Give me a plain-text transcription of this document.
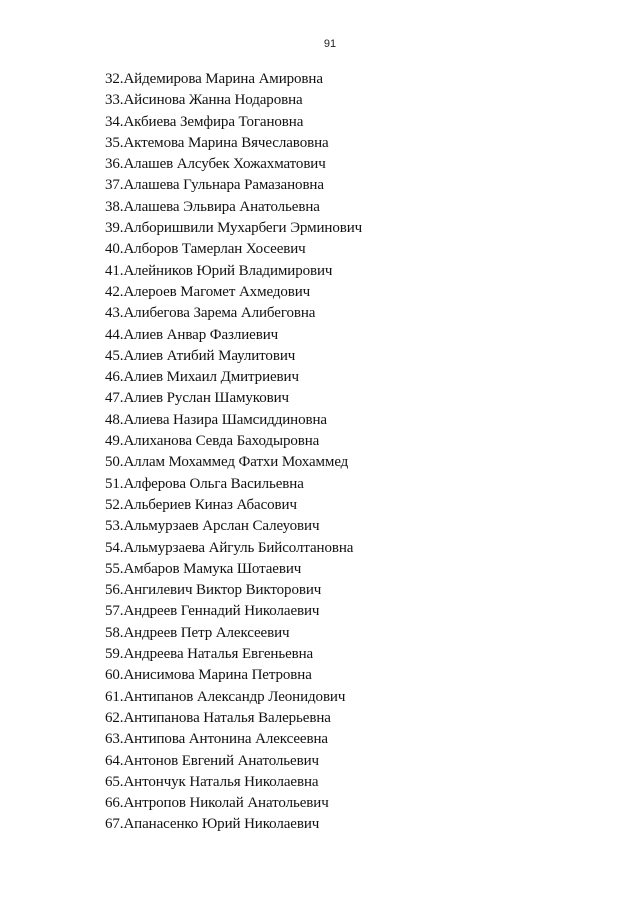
91
32.Айдемирова Марина Амировна
33.Айсинова Жанна Нодаровна
34.Акбиева Земфира Тогановна
35.Актемова Марина Вячеславовна
36.Алашев Алсубек Хожахматович
37.Алашева Гульнара Рамазановна
38.Алашева Эльвира Анатольевна
39.Алборишвили Мухарбеги Эрминович
40.Алборов Тамерлан Хосеевич
41.Алейников Юрий Владимирович
42.Алероев Магомет Ахмедович
43.Алибегова Зарема Алибеговна
44.Алиев Анвар Фазлиевич
45.Алиев Атибий Маулитович
46.Алиев Михаил Дмитриевич
47.Алиев Руслан Шамукович
48.Алиева Назира Шамсиддиновна
49.Алиханова Севда Баходыровна
50.Аллам Мохаммед Фатхи Мохаммед
51.Алферова Ольга Васильевна
52.Альбериев Киназ Абасович
53.Альмурзаев Арслан Салеуович
54.Альмурзаева Айгуль Бийсолтановна
55.Амбаров Мамука Шотаевич
56.Ангилевич Виктор Викторович
57.Андреев Геннадий Николаевич
58.Андреев Петр Алексеевич
59.Андреева Наталья Евгеньевна
60.Анисимова Марина Петровна
61.Антипанов Александр Леонидович
62.Антипанова Наталья Валерьевна
63.Антипова Антонина Алексеевна
64.Антонов Евгений Анатольевич
65.Антончук Наталья Николаевна
66.Антропов Николай Анатольевич
67.Апанасенко Юрий Николаевич
